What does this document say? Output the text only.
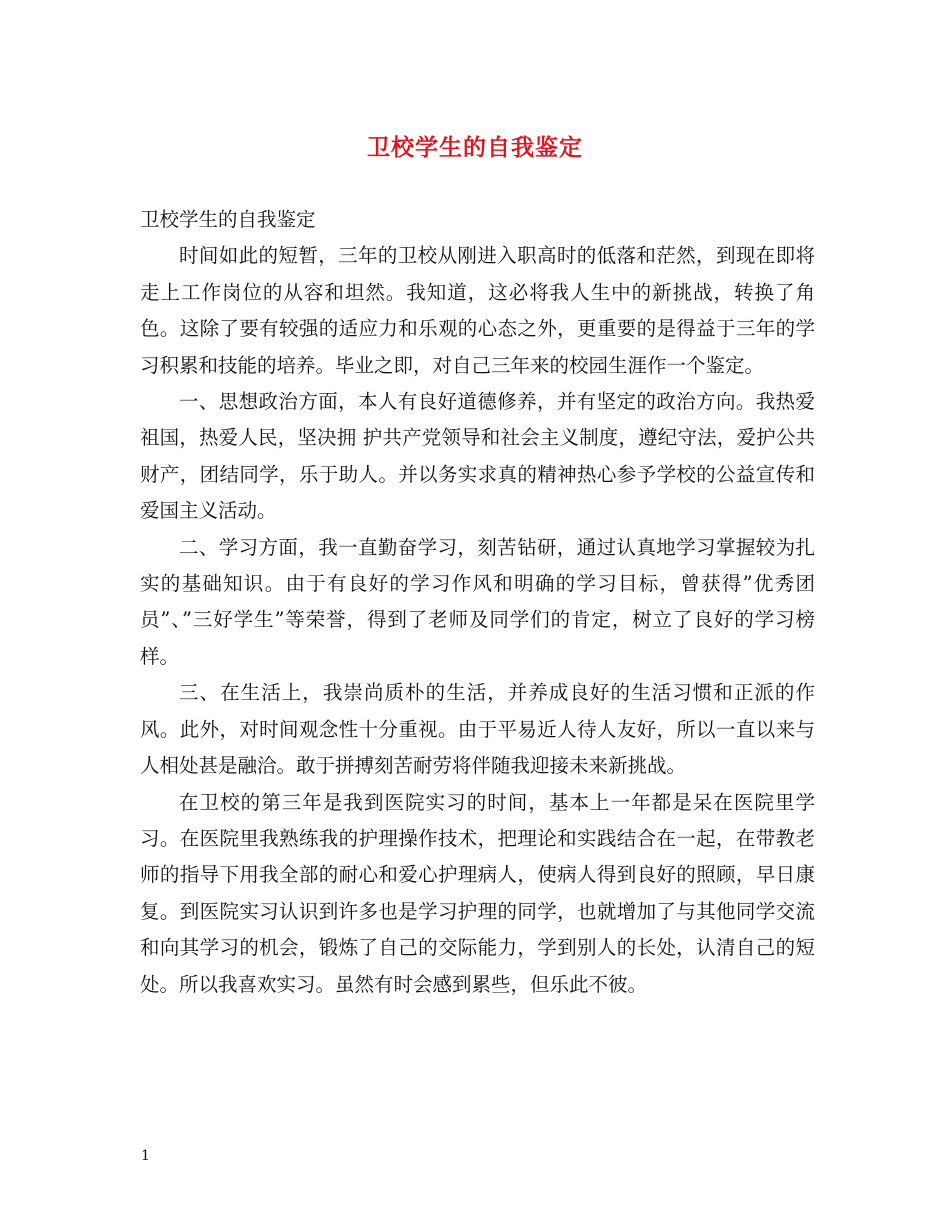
卫校学生的自我鉴定

卫校学生的自我鉴定

时间如此的短暂，三年的卫校从刚进入职高时的低落和茫然，到现在即将走上工作岗位的从容和坦然。我知道，这必将我人生中的新挑战，转换了角色。这除了要有较强的适应力和乐观的心态之外，更重要的是得益于三年的学习积累和技能的培养。毕业之即，对自己三年来的校园生涯作一个鉴定。

一、思想政治方面，本人有良好道德修养，并有坚定的政治方向。我热爱祖国，热爱人民，坚决拥 护共产党领导和社会主义制度，遵纪守法，爱护公共财产，团结同学，乐于助人。并以务实求真的精神热心参予学校的公益宣传和爱国主义活动。

二、学习方面，我一直勤奋学习，刻苦钻研，通过认真地学习掌握较为扎实的基础知识。由于有良好的学习作风和明确的学习目标，曾获得”优秀团员”、”三好学生”等荣誉，得到了老师及同学们的肯定，树立了良好的学习榜样。

三、在生活上，我崇尚质朴的生活，并养成良好的生活习惯和正派的作风。此外，对时间观念性十分重视。由于平易近人待人友好，所以一直以来与人相处甚是融洽。敢于拼搏刻苦耐劳将伴随我迎接未来新挑战。

在卫校的第三年是我到医院实习的时间，基本上一年都是呆在医院里学习。在医院里我熟练我的护理操作技术，把理论和实践结合在一起，在带教老师的指导下用我全部的耐心和爱心护理病人，使病人得到良好的照顾，早日康复。到医院实习认识到许多也是学习护理的同学，也就增加了与其他同学交流和向其学习的机会，锻炼了自己的交际能力，学到别人的长处，认清自己的短处。所以我喜欢实习。虽然有时会感到累些，但乐此不彼。

1
